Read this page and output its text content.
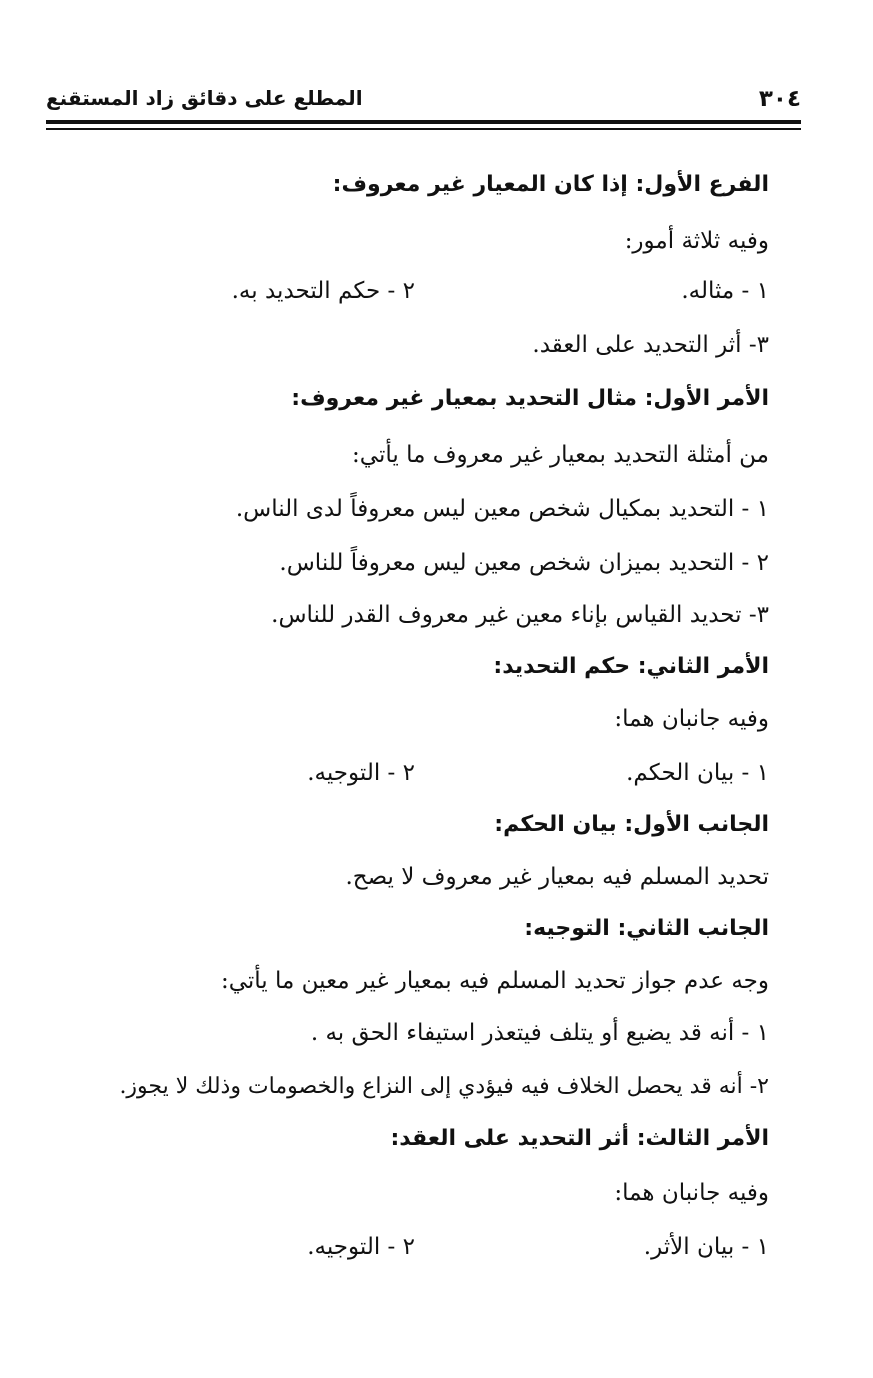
٣٠٤
المطلع على دقائق زاد المستقنع
الفرع الأول: إذا كان المعيار غير معروف:
وفيه ثلاثة أمور:
١ - مثاله.
٢ - حكم التحديد به.
٣- أثر التحديد على العقد.
الأمر الأول: مثال التحديد بمعيار غير معروف:
من أمثلة التحديد بمعيار غير معروف ما يأتي:
١ - التحديد بمكيال شخص معين ليس معروفاً لدى الناس.
٢ - التحديد بميزان شخص معين ليس معروفاً للناس.
٣- تحديد القياس بإناء معين غير معروف القدر للناس.
الأمر الثاني: حكم التحديد:
وفيه جانبان هما:
١ - بيان الحكم.
٢ - التوجيه.
الجانب الأول: بيان الحكم:
تحديد المسلم فيه بمعيار غير معروف لا يصح.
الجانب الثاني: التوجيه:
وجه عدم جواز تحديد المسلم فيه بمعيار غير معين ما يأتي:
١ - أنه قد يضيع أو يتلف فيتعذر استيفاء الحق به .
٢- أنه قد يحصل الخلاف فيه فيؤدي إلى النزاع والخصومات وذلك لا يجوز.
الأمر الثالث: أثر التحديد على العقد:
وفيه جانبان هما:
١ - بيان الأثر.
٢ - التوجيه.
